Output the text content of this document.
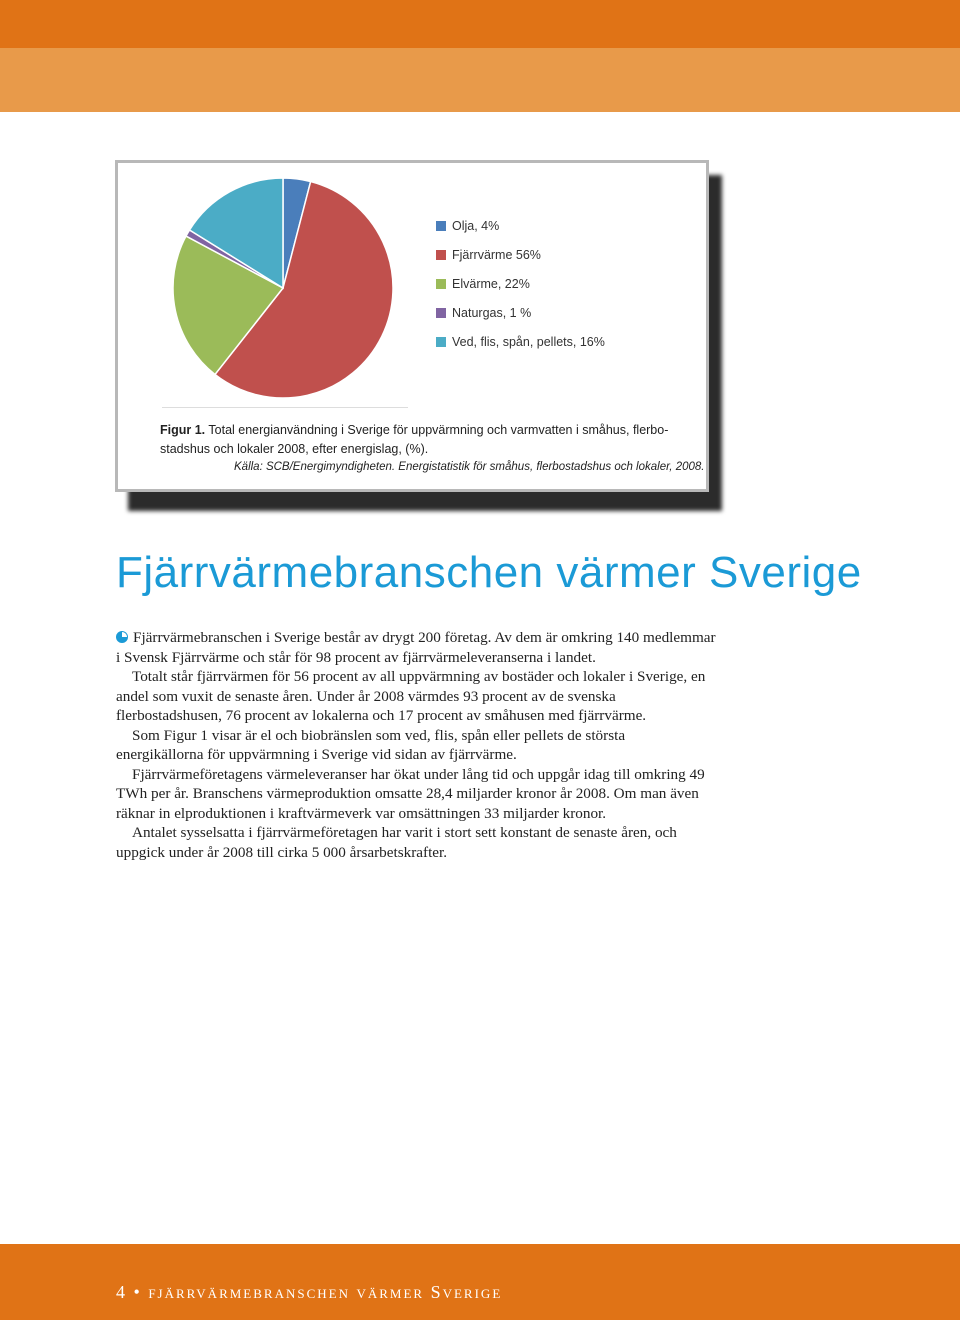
Olja, 4%
Fjärrvärme 56%
Elvärme, 22%
Naturgas, 1 %
Ved, flis, spån, pellets, 16%
Figur 1. Total energianvändning i Sverige för uppvärmning och varmvatten i småhus, flerbo- stadshus och lokaler 2008, efter energislag, (%).
Källa: SCB/Energimyndigheten. Energistatistik för småhus, flerbostadshus och lokaler, 2008.
Fjärrvärmebranschen värmer Sverige

Fjärrvärmebranschen i Sverige består av drygt 200 företag. Av dem är omkring 140 medlemmar i Svensk Fjärrvärme och står för 98 procent av fjärrvärmeleveranserna i landet.

Totalt står fjärrvärmen för 56 procent av all uppvärmning av bostäder och lokaler i Sverige, en andel som vuxit de senaste åren. Under år 2008 värmdes 93 procent av de svenska flerbostadshusen, 76 procent av lokalerna och 17 procent av småhusen med fjärrvärme.

Som Figur 1 visar är el och biobränslen som ved, flis, spån eller pellets de största energikällorna för uppvärmning i Sverige vid sidan av fjärrvärme.

Fjärrvärmeföretagens värmeleveranser har ökat under lång tid och uppgår idag till omkring 49 TWh per år. Branschens värmeproduktion omsatte 28,4 miljarder kronor år 2008. Om man även räknar in elproduktionen i kraftvärmeverk var omsättningen 33 miljarder kronor.

Antalet sysselsatta i fjärrvärmeföretagen har varit i stort sett konstant de senaste åren, och uppgick under år 2008 till cirka 5 000 årsarbetskrafter.

4 • fjärrvärmebranschen värmer Sverige
